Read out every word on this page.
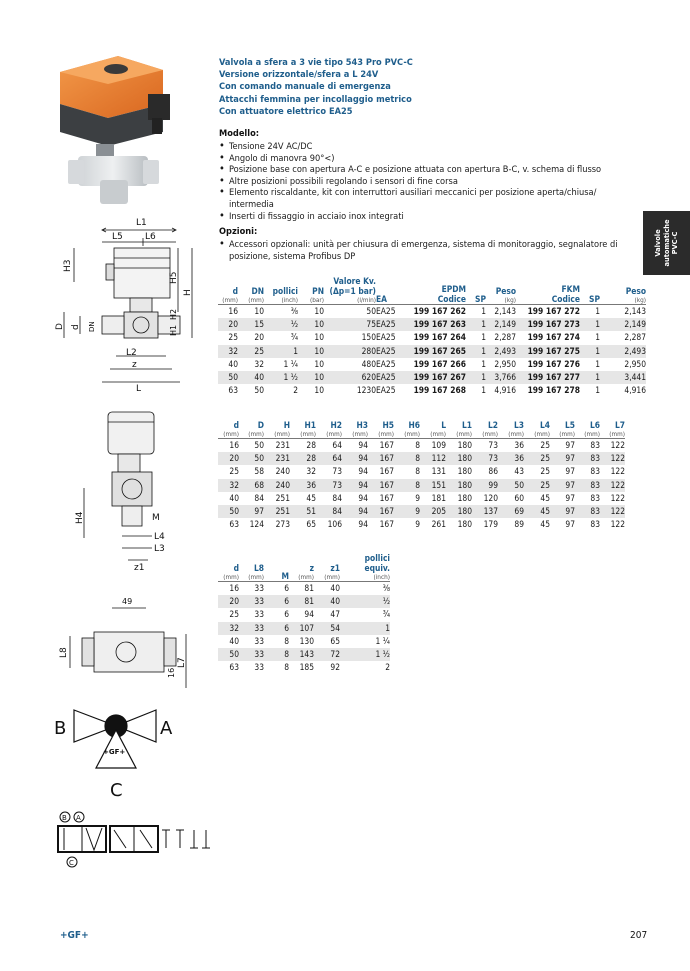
Valvola a sfera a 3 vie tipo 543 Pro PVC-C
Versione orizzontale/sfera a L 24V
Con comando manuale di emergenza
Attacchi femmina per incollaggio metrico
Con attuatore elettrico EA25
Modello:
• Tensione 24V AC/DC
• Angolo di manovra 90°<)
• Posizione base con apertura A-C e posizione attuata con apertura B-C, v. schema di flusso
• Altre posizioni possibili regolando i sensori di fine corsa
• Elemento riscaldante, kit con interruttori ausiliari meccanici per posizione aperta/chiusa/
intermedia
• Inserti di fissaggio in acciaio inox integrati
Opzioni:
• Accessori opzionali: unità per chiusura di emergenza, sistema di monitoraggio, segnalatore di
posizione, sistema Profibus DP	Valvole automatiche PVC-C
d
(mm)	DN
(mm)	pollici
(inch)	PN
(bar)	Valore Kv.
(Δp=1 bar)
(l/min)	EA	EPDM
Codice	SP	Peso
(kg)	FKM
Codice	SP	Peso
(kg)

16	10	⅜	10	50	EA25	199 167 262	1	2,143	199 167 272	1	2,143
20	15	½	10	75	EA25	199 167 263	1	2,149	199 167 273	1	2,149
25	20	¾	10	150	EA25	199 167 264	1	2,287	199 167 274	1	2,287
32	25	1	10	280	EA25	199 167 265	1	2,493	199 167 275	1	2,493
40	32	1 ¼	10	480	EA25	199 167 266	1	2,950	199 167 276	1	2,950
50	40	1 ½	10	620	EA25	199 167 267	1	3,766	199 167 277	1	3,441
63	50	2	10	1230	EA25	199 167 268	1	4,916	199 167 278	1	4,916
d
(mm)	D
(mm)	H
(mm)	H1
(mm)	H2
(mm)	H3
(mm)	H5
(mm)	H6
(mm)	L
(mm)	L1
(mm)	L2
(mm)	L3
(mm)	L4
(mm)	L5
(mm)	L6
(mm)	L7
(mm)

16	50	231	28	64	94	167	8	109	180	73	36	25	97	83	122
20	50	231	28	64	94	167	8	112	180	73	36	25	97	83	122
25	58	240	32	73	94	167	8	131	180	86	43	25	97	83	122
32	68	240	36	73	94	167	8	151	180	99	50	25	97	83	122
40	84	251	45	84	94	167	9	181	180	120	60	45	97	83	122
50	97	251	51	84	94	167	9	205	180	137	69	45	97	83	122
63	124	273	65	106	94	167	9	261	180	179	89	45	97	83	122
d
(mm)	L8
(mm)	M	z
(mm)	z1
(mm)	pollici
equiv.
(inch)

16	33	6	81	40	⅜
20	33	6	81	40	½
25	33	6	94	47	¾
32	33	6	107	54	1
40	33	8	130	65	1 ¼
50	33	8	143	72	1 ½
63	33	8	185	92	2
L1
L5 L6
H3
H5
H
H2
H1
D d DN
L2
z
L
H4	M
L4
L3
z1
49
L8
16
L7
B	A
+GF+
C
B A
C
+GF+	207
